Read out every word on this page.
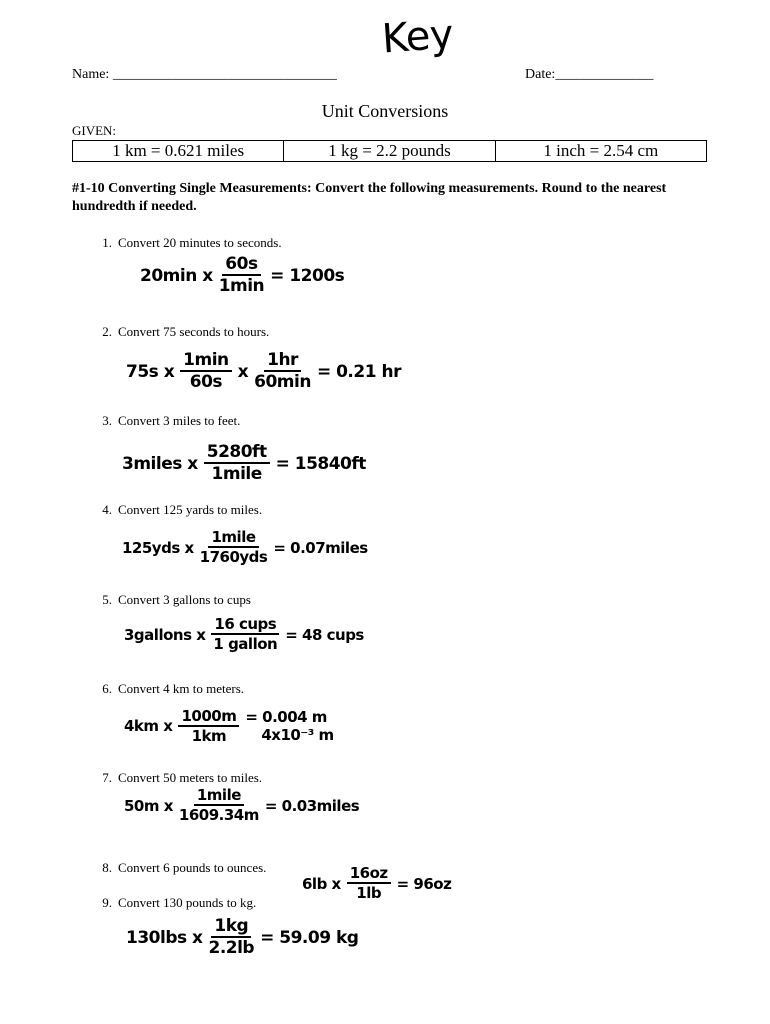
Key
Name: ________________________________	Date:______________
Unit Conversions
GIVEN:
1 km = 0.621 miles	1 kg = 2.2 pounds	1 inch = 2.54 cm
#1-10 Converting Single Measurements: Convert the following measurements. Round to the nearest hundredth if needed.
1. Convert 20 minutes to seconds.
20min x $\frac{60s}{1\min} = 1200s$
2. Convert 75 seconds to hours.
75s x $\frac{1\min}{60s}$ x $\frac{1hr}{60\min} = 0.21$ hr
3. Convert 3 miles to feet.
3miles x $\frac{5280ft}{\text{1mile}} = 15840ft$
4. Convert 125 yards to miles.
125yds x $\frac{\text{1mile}}{\text{1760yds}}$ = 0.07miles
5. Convert 3 gallons to cups
3gallons x $\frac{\text{16 cups}}{\text{1 gallon}} = 48$ cups
6. Convert 4 km to meters.
4km x $\frac{1000m}{1km} = 0.004$ m
4x10⁻³ m
7. Convert 50 meters to miles.
50m x $\frac{\text{1mile}}{1609.34m}$ = 0.03miles
8. Convert 6 pounds to ounces.
6lb x $\frac{16oz}{1lb} = 96oz$
9. Convert 130 pounds to kg.
130lbs x $\frac{1kg}{2.2lb} = 59.09$ kg
